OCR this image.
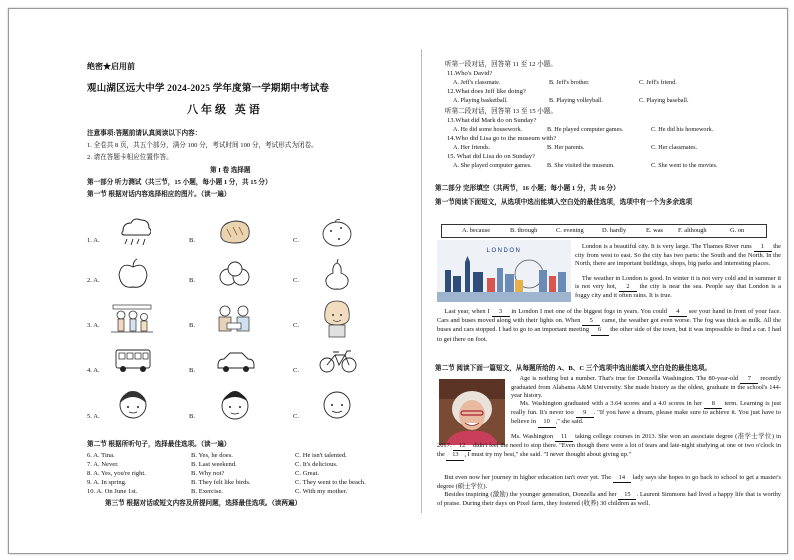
绝密★启用前
观山湖区远大中学 2024-2025 学年度第一学期期中考试卷
八年级 英语
注意事项:答题前请认真阅读以下内容：
1. 全卷共 8 页，共五个部分，满分 100 分，考试时间 100 分，考试形式为闭卷。
2. 请在答题卡相应位置作答。
第 I 卷 选择题
第一部分 听力测试（共三节，15 小题，每小题 1 分，共 15 分）
第一节 根据对话内容选择相应的图片。（读一遍）
1. A.	B.	C.
2. A.	B.	C.
3. A.	B.	C.
4. A.	B.	C.
5. A.	B.	C.
第二节 根据所听句子，选择最佳选项。（读一遍）
6. A. Tina.	B. Yes, he does.	C. He isn't talented.
7. A. Never.	B. Last weekend.	C. It's delicious.
8. A. Yes, you're right.	B. Why not?	C. Great.
9. A. In spring.	B. They felt like birds.	C. They went to the beach.
10. A. On June 1st.	B. Exercise.	C. With my mother.
第三节 根据对话或短文内容及所提问题，选择最佳选项。（读两遍）
听第一段对话，回答第 11 至 12 小题。
11.Who's David?
A. Jeff's classmate.	B. Jeff's brother.	C. Jeff's friend.
12.What does Jeff like doing?
A. Playing basketball.	B. Playing volleyball.	C. Playing baseball.
听第二段对话，回答第 13 至 15 小题。
13.What did Mark do on Sunday?
A. He did some housework.	B. He played computer games.	C. He did his homework.
14.Who did Lisa go to the museum with?
A. Her friends.	B. Her parents.	C. Her classmates.
15. What did Lisa do on Sunday?
A. She played computer games. B. She visited the museum.	C. She went to the movies.
第二部分 完形填空（共两节，16 小题；每小题 1 分，共 16 分）
第一节阅读下面短文，从选项中选出能填入空白处的最佳选项，选项中有一个为多余选项
A. because	B. through	C. evening	D. hardly	E. was F. although	G. on
LONDON
London is a beautiful city. It is very large. The Thames River runs 1 the city from west to east. So the city has two parts: the South and the North. In the North, there are important buildings, shops, big parks and interesting places.
The weather in London is good. In winter it is not very cold and in summer it is not very hot, 2 the city is near the sea. People say that London is a foggy city and it often rains. It is true.
Last year, when I 3 in London I met one of the biggest fogs in years. You could 4 see your hand in front of your face. Cars and buses moved along with their lights on. When 5 came, the weather got even worse. The fog was thick as milk. All the buses and cars stopped. I had to go to an important meeting 6 the other side of the town, but it was impossible to find a car. I had to get there on foot.
第二节 阅读下面一篇短文，从每题所给的 A、B、C 三个选项中选出能填入空白处的最佳选项。
Age is nothing but a number. That's true for Donzella Washington. The 80-year-old 7 recently graduated from Alabama A&M University. She made history as the oldest, graduate in the school's 144-year history.
Ms. Washington graduated with a 3.64 scores and a 4.0 scores in her 8 term. Learning is just really fun. It's never too 9 . "If you have a dream, please make sure to achieve it. You just have to believe in 10 ," she said.
Ms. Washington 11 taking college courses in 2013. She won an associate degree (准学士学位) in 2017. 12 didn't feel the need to stop there. "Even though there were a lot of tears and late-night studying at one or two o'clock in the 13 , I must try my best," she said. "I never thought about giving up."
But even now her journey in higher education isn't over yet. The 14 lady says she hopes to go back to school to get a master's degree (硕士学位).
Besides inspiring (激励) the younger generation, Donzella and her 15 . Laurent Simmons had lived a happy life that is worthy of praise. During their days on Pixel farm, they fostered (收养) 30 children as well.
